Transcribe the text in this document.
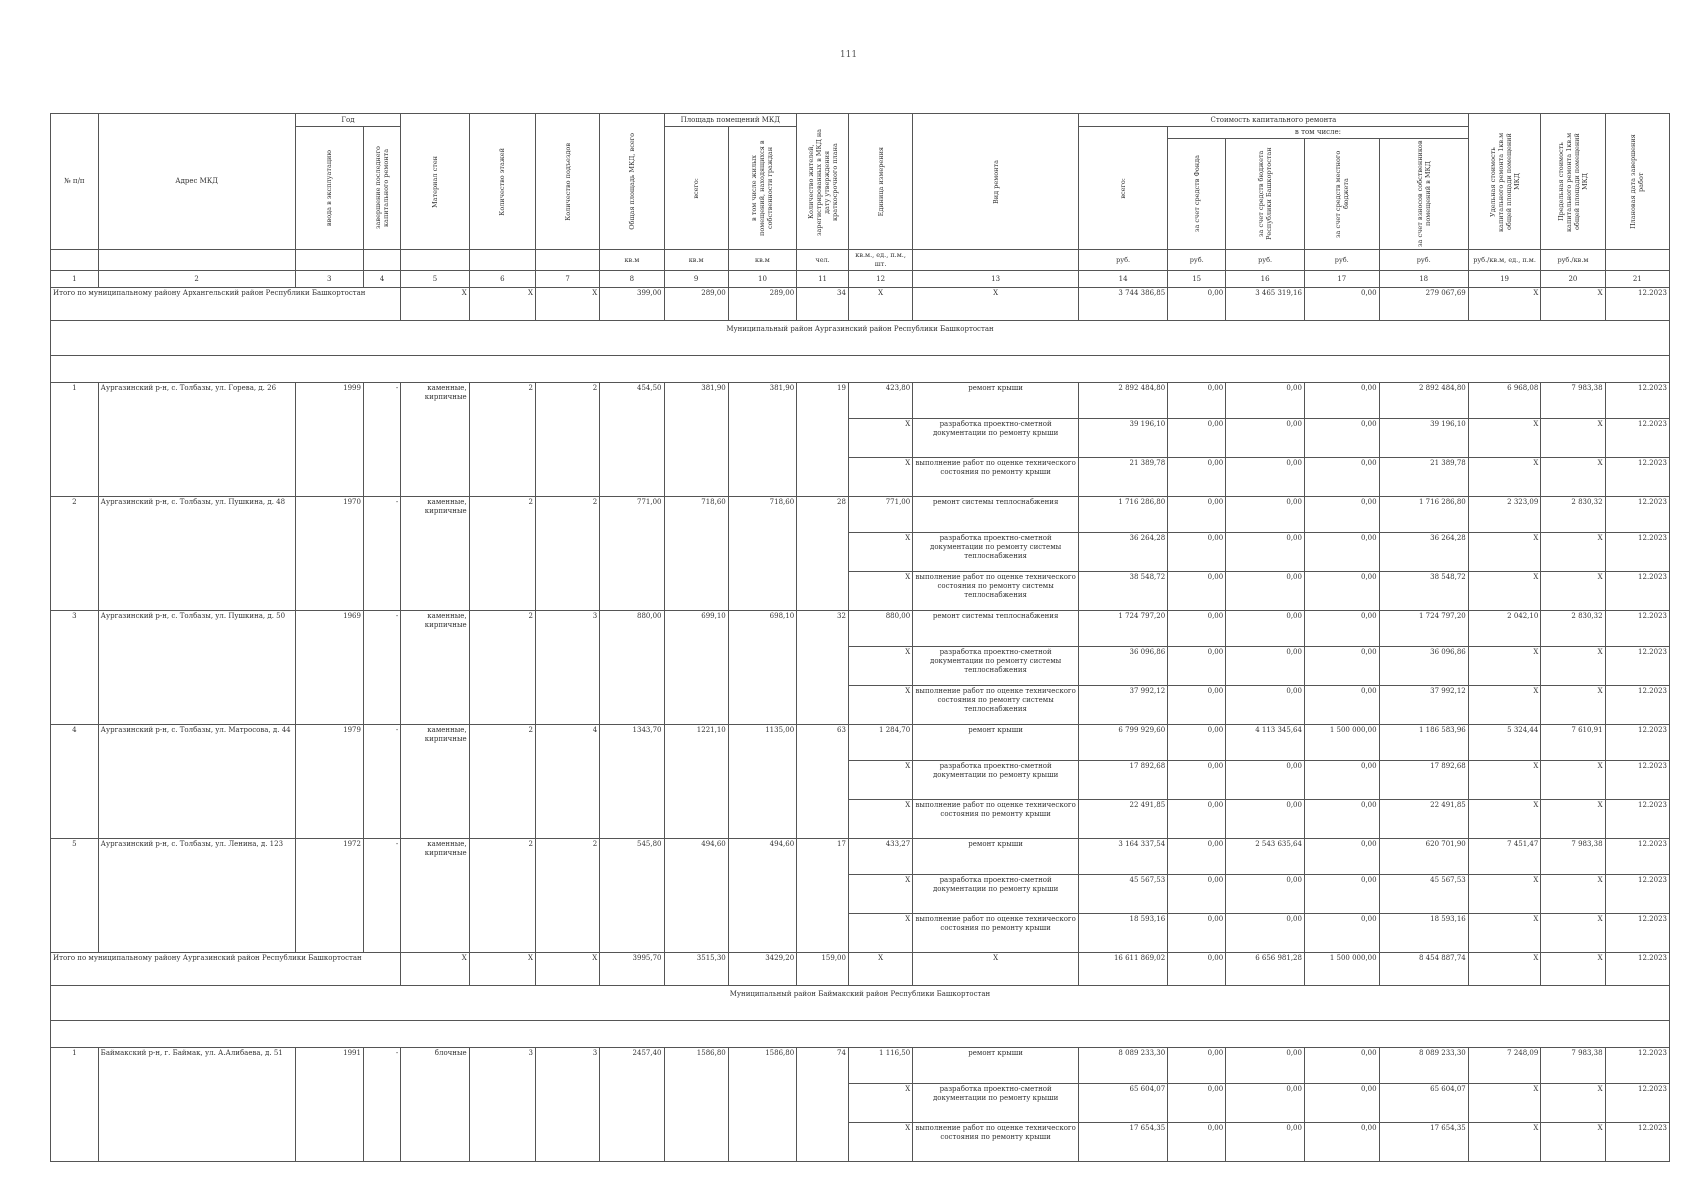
111
№ п/п	Адрес МКД	Год		Материал стен	Количество этажей	Количество подъездов	Общая площадь МКД, всего	Площадь помещений МКД		Количество жителей, зарегистрированных в МКД на дату утверждения краткосрочного плана	Единица измерения	Вид ремонта	Стоимость капитального ремонта					Удельная стоимость капитального ремонта 1кв.м общей площади помещений МКД	Предельная стоимость капитального ремонта 1кв.м общей площади помещений МКД	Плановая дата завершения работ

		ввода в эксплуатацию	завершение последнего капитального ремонта					всего:	в том числе жилых помещений, находящихся в собственности граждан				всего:	в том числе:						

														за счет средств Фонда	за счет средств бюджета Республики Башкортостан	за счет средств местного бюджета	за счет взносов собственников помещений в МКД			

							кв.м	кв.м	кв.м	чел.	кв.м., ед., п.м., шт.		руб.	руб.	руб.	руб.	руб.	руб./кв.м, ед., п.м.	руб./кв.м	
1	2	3	4	5	6	7	8	9	10	11	12	13	14	15	16	17	18	19	20	21
Итого по муниципальному району Архангельский район Республики Башкортостан				X	X	X	399,00	289,00	289,00	34	X	X	3 744 386,85	0,00	3 465 319,16	0,00	279 067,69	X	X	12.2023
Муниципальный район Аургазинский район Республики Башкортостан																				

1	Аургазинский р-н, с. Толбазы, ул. Горева, д. 26	1999	-	каменные, кирпичные	2	2	454,50	381,90	381,90	19	423,80	ремонт крыши	2 892 484,80	0,00	0,00	0,00	2 892 484,80	6 968,08	7 983,38	12.2023
											X	разработка проектно-сметной документации по ремонту крыши	39 196,10	0,00	0,00	0,00	39 196,10	X	X	12.2023
											X	выполнение работ по оценке технического состояния по ремонту крыши	21 389,78	0,00	0,00	0,00	21 389,78	X	X	12.2023
2	Аургазинский р-н, с. Толбазы, ул. Пушкина, д. 48	1970	-	каменные, кирпичные	2	2	771,00	718,60	718,60	28	771,00	ремонт системы теплоснабжения	1 716 286,80	0,00	0,00	0,00	1 716 286,80	2 323,09	2 830,32	12.2023
											X	разработка проектно-сметной документации по ремонту системы теплоснабжения	36 264,28	0,00	0,00	0,00	36 264,28	X	X	12.2023
											X	выполнение работ по оценке технического состояния по ремонту системы теплоснабжения	38 548,72	0,00	0,00	0,00	38 548,72	X	X	12.2023
3	Аургазинский р-н, с. Толбазы, ул. Пушкина, д. 50	1969	-	каменные, кирпичные	2	3	880,00	699,10	698,10	32	880,00	ремонт системы теплоснабжения	1 724 797,20	0,00	0,00	0,00	1 724 797,20	2 042,10	2 830,32	12.2023
											X	разработка проектно-сметной документации по ремонту системы теплоснабжения	36 096,86	0,00	0,00	0,00	36 096,86	X	X	12.2023
											X	выполнение работ по оценке технического состояния по ремонту системы теплоснабжения	37 992,12	0,00	0,00	0,00	37 992,12	X	X	12.2023
4	Аургазинский р-н, с. Толбазы, ул. Матросова, д. 44	1979	-	каменные, кирпичные	2	4	1343,70	1221,10	1135,00	63	1 284,70	ремонт крыши	6 799 929,60	0,00	4 113 345,64	1 500 000,00	1 186 583,96	5 324,44	7 610,91	12.2023
											X	разработка проектно-сметной документации по ремонту крыши	17 892,68	0,00	0,00	0,00	17 892,68	X	X	12.2023
											X	выполнение работ по оценке технического состояния по ремонту крыши	22 491,85	0,00	0,00	0,00	22 491,85	X	X	12.2023
5	Аургазинский р-н, с. Толбазы, ул. Ленина, д. 123	1972	-	каменные, кирпичные	2	2	545,80	494,60	494,60	17	433,27	ремонт крыши	3 164 337,54	0,00	2 543 635,64	0,00	620 701,90	7 451,47	7 983,38	12.2023
											X	разработка проектно-сметной документации по ремонту крыши	45 567,53	0,00	0,00	0,00	45 567,53	X	X	12.2023
											X	выполнение работ по оценке технического состояния по ремонту крыши	18 593,16	0,00	0,00	0,00	18 593,16	X	X	12.2023
Итого по муниципальному району Аургазинский район Республики Башкортостан				X	X	X	3995,70	3515,30	3429,20	159,00	X	X	16 611 869,02	0,00	6 656 981,28	1 500 000,00	8 454 887,74	X	X	12.2023
Муниципальный район Баймакский район Республики Башкортостан																				

1	Баймакский р-н, г. Баймак, ул. А.Алибаева, д. 51	1991	-	блочные	3	3	2457,40	1586,80	1586,80	74	1 116,50	ремонт крыши	8 089 233,30	0,00	0,00	0,00	8 089 233,30	7 248,09	7 983,38	12.2023
											X	разработка проектно-сметной документации по ремонту крыши	65 604,07	0,00	0,00	0,00	65 604,07	X	X	12.2023
											X	выполнение работ по оценке технического состояния по ремонту крыши	17 654,35	0,00	0,00	0,00	17 654,35	X	X	12.2023
